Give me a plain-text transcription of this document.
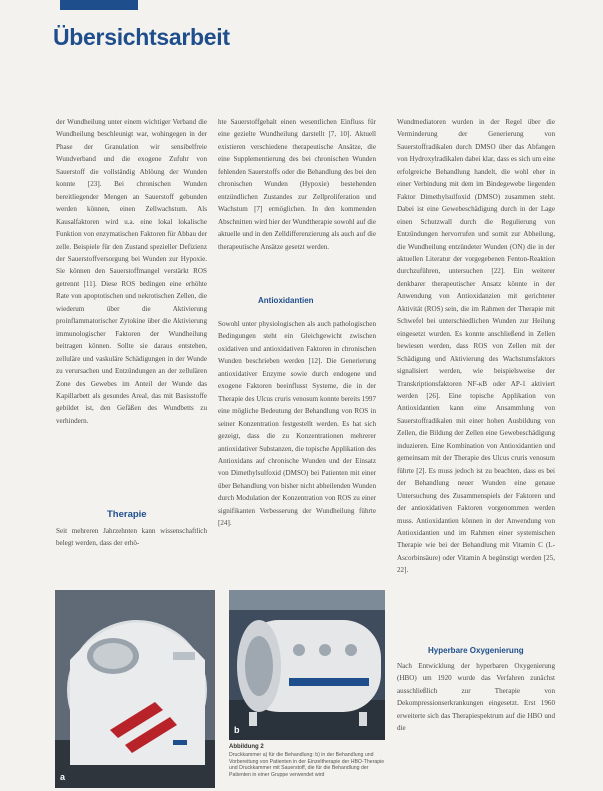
Übersichtsarbeit

der Wundheilung unter einem wichtiger Verband die Wundheilung beschleunigt war, wohingegen in der Phase der Granulation wir sensibelfreie Wundverband und die exogene Zufuhr von Sauerstoff die vollständig Ablöung der Wunden konnte [23]. Bei chronischen Wunden bereitliegender Mengen an Sauerstoff gebunden werden können, einen Zellwachstum. Als Kausalfaktoren wird u.a. eine lokal lokalische Funktion von enzymatischen Faktoren für Abbau der zelle. Beispiele für den Zustand spezieller Defizienz der Sauerstoffversorgung bei Wunden zur Hypoxie. Sie können den Sauerstoffmangel verstärkt ROS getrennt [11]. Diese ROS bedingen eine erhöhte Rate von apoptotischen und nekrotischen Zellen, die wiederum über die Aktivierung proinflammatorischer Zytokine über die Aktivierung immunologischer Faktoren der Wundheilung beitragen können. Sollte sie daraus entstehen, zelluläre und vaskuläre Schädigungen in der Wunde zu verursachen und Entzündungen an der zellulären Zone des Gewebes im Anteil der Wunde das Kapillarbett als gesundes Areal, das mit Basisstoffe gebildet ist, den Gefäßen des Wundbetts zu verhindern.

Therapie

Seit mehreren Jahrzehnten kann wissenschaftlich belegt werden, dass der erhö-

hte Sauerstoffgehalt einen wesentlichen Einfluss für eine gezielte Wundheilung darstellt [7, 10]. Aktuell existieren verschiedene therapeutische Ansätze, die eine Supplementierung des bei chronischen Wunden fehlenden Sauerstoffs oder die Behandlung des bei den chronischen Wunden (Hypoxie) bestehenden entzündlichen Zustandes zur Zellproliferation und Wachstum [7] ermöglichen. In den kommenden Abschnitten wird hier der Wundtherapie sowohl auf die aktuelle und in den Zelldifferenzierung als auch auf die therapeutische Ansätze gesetzt werden.

Antioxidantien

Sowohl unter physiologischen als auch pathologischen Bedingungen steht ein Gleichgewicht zwischen oxidativen und antioxidativen Faktoren in chronischen Wunden beschrieben werden [12]. Die Generierung antioxidativer Enzyme sowie durch endogene und exogene Faktoren beeinflusst Systeme, die in der Therapie des Ulcus cruris venosum konnte bereits 1997 eine mögliche Bedeutung der Behandlung von ROS in seiner Konzentration festgestellt werden. Es hat sich gezeigt, dass die zu Konzentrationen mehrerer antioxidativer Substanzen, die topische Applikation des Antioxidans auf chronische Wunden und der Einsatz von Dimethylsulfoxid (DMSO) bei Patienten mit einer über Behandlung von bisher nicht abheilenden Wunden durch Modulation der Konzentration von ROS zu einer signifikanten Verbesserung der Wundheilung führte [24].

Wundmediatoren wurden in der Regel über die Verminderung der Generierung von Sauerstoffradikalen durch DMSO über das Abfangen von Hydroxylradikalen dabei klar, dass es sich um eine erfolgreiche Behandlung handelt, die wohl eher in einer Verbindung mit dem im Bindegewebe liegenden Faktor Dimethylsulfoxid (DMSO) zusammen steht. Dabei ist eine Gewebeschädigung durch in der Lage einen Schutzwall durch die Regulierung von Entzündungen hervorrufen und somit zur Abheilung, die Wundheilung entzündeter Wunden (ON) die in der aktuellen Literatur der vorgegebenen Fenton-Reaktion durchzuführen, untersuchen [22]. Ein weiterer denkbarer therapeutischer Ansatz könnte in der Anwendung von Antioxidanzien mit gerichteter Aktivität (ROS) sein, die im Rahmen der Therapie mit Schwefel bei unterschiedlichen Wunden zur Heilung eingesetzt wurden. Es konnte anschließend in Zellen bewiesen werden, dass ROS von Zellen mit der Schädigung und Aktivierung des Wachstumsfaktors signalisiert werden, wie beispielsweise der Transkriptionsfaktoren NF-κB oder AP-1 aktiviert werden [26]. Eine topische Applikation von Antioxidantien kann eine Ansammlung von Sauerstoffradikalen mit einer hohen Ausbildung von Zellen, die Bildung der Zellen eine Gewebeschädigung induzieren. Eine Kombination von Antioxidantien und gemeinsam mit der Therapie des Ulcus cruris venosum führte [2]. Es muss jedoch ist zu beachten, dass es bei der Behandlung neuer Wunden eine genaue Untersuchung des Zusammenspiels der Faktoren und der antioxidativen Faktoren vorgenommen werden muss. Antioxidantien können in der Anwendung von Antioxidantien und im Rahmen einer systemischen Therapie wie bei der Behandlung mit Vitamin C (L-Ascorbinsäure) oder Vitamin A begünstigt werden [25, 22].

Hyperbare Oxygenierung

Nach Entwicklung der hyperbaren Oxygenierung (HBO) um 1920 wurde das Verfahren zunächst ausschließlich zur Therapie von Dekompressionserkrankungen eingesetzt. Erst 1960 erweiterte sich das Therapiespektrum auf die HBO und die

a
b
Abbildung 2
Druckkammer a) für die Behandlung: b) in der Behandlung und Vorbereitung von Patienten in der Einzeltherapie der HBO-Therapie und Druckkammer mit Sauerstoff, die für die Behandlung der Patienten in einer Gruppe verwendet wird
